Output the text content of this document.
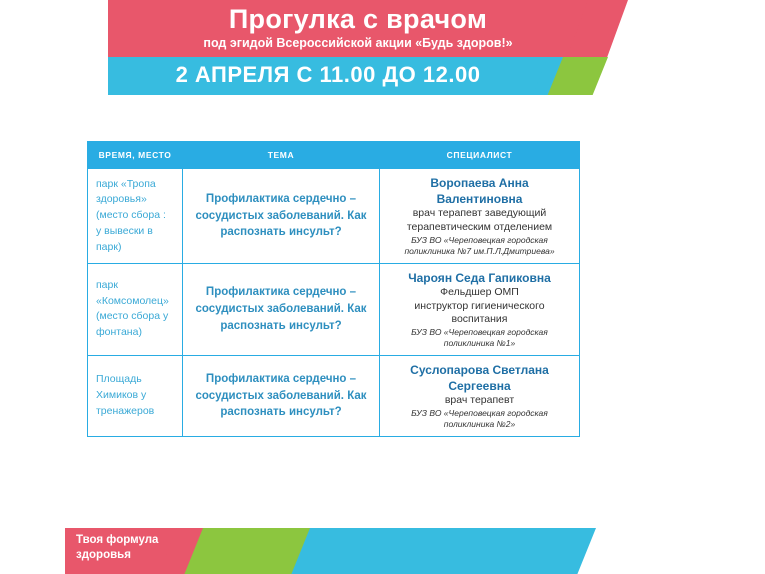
Прогулка с врачом
под эгидой Всероссийской акции «Будь здоров!»
2 АПРЕЛЯ С 11.00 ДО 12.00
ВРЕМЯ, МЕСТО	ТЕМА	СПЕЦИАЛИСТ
парк «Тропа здоровья» (место сбора : у вывески в парк)	Профилактика сердечно – сосудистых заболеваний. Как распознать инсульт?	Воропаева Анна Валентиновна
врач терапевт заведующий
терапевтическим отделением
БУЗ ВО «Череповецкая городская поликлиника №7 им.П.Л.Дмитриева»

парк «Комсомолец» (место сбора у фонтана)	Профилактика сердечно – сосудистых заболеваний. Как распознать инсульт?	Чароян Седа Гапиковна
Фельдшер ОМП
инструктор гигиенического воспитания
БУЗ ВО «Череповецкая городская поликлиника №1»

Площадь Химиков у тренажеров	Профилактика сердечно – сосудистых заболеваний. Как распознать инсульт?	Суслопарова Светлана Сергеевна
врач терапевт
БУЗ ВО «Череповецкая городская поликлиника №2»
Твоя формула
здоровья
